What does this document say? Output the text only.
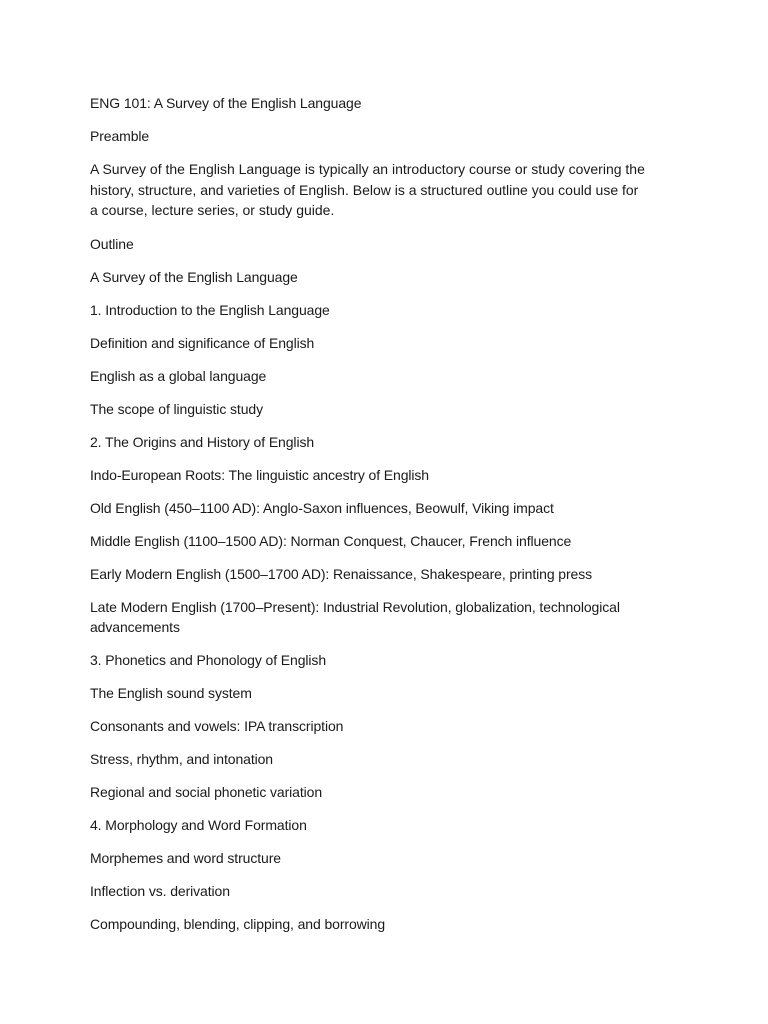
ENG 101: A Survey of the English Language

Preamble

A Survey of the English Language is typically an introductory course or study covering the history, structure, and varieties of English. Below is a structured outline you could use for a course, lecture series, or study guide.

Outline

A Survey of the English Language

1. Introduction to the English Language

Definition and significance of English

English as a global language

The scope of linguistic study

2. The Origins and History of English

Indo-European Roots: The linguistic ancestry of English

Old English (450–1100 AD): Anglo-Saxon influences, Beowulf, Viking impact

Middle English (1100–1500 AD): Norman Conquest, Chaucer, French influence

Early Modern English (1500–1700 AD): Renaissance, Shakespeare, printing press

Late Modern English (1700–Present): Industrial Revolution, globalization, technological advancements

3. Phonetics and Phonology of English

The English sound system

Consonants and vowels: IPA transcription

Stress, rhythm, and intonation

Regional and social phonetic variation

4. Morphology and Word Formation

Morphemes and word structure

Inflection vs. derivation

Compounding, blending, clipping, and borrowing
